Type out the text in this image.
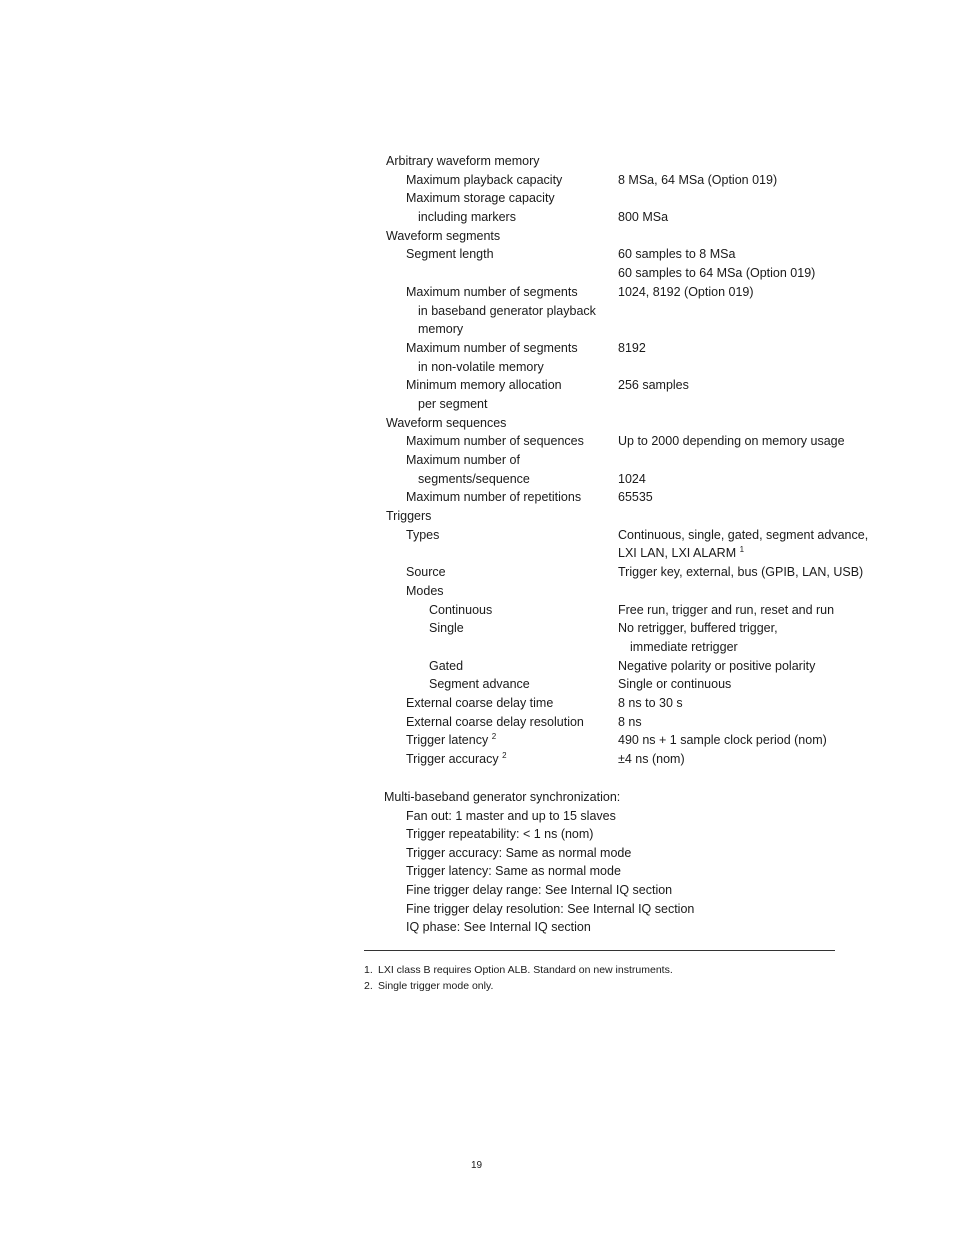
Arbitrary waveform memory
Maximum playback capacity	8 MSa, 64 MSa (Option 019)
Maximum storage capacity
including markers	800 MSa
Waveform segments
Segment length	60 samples to 8 MSa
60 samples to 64 MSa (Option 019)
Maximum number of segments	1024, 8192 (Option 019)
in baseband generator playback
memory
Maximum number of segments	8192
in non-volatile memory
Minimum memory allocation	256 samples
per segment
Waveform sequences
Maximum number of sequences	Up to 2000 depending on memory usage
Maximum number of
segments/sequence	1024
Maximum number of repetitions	65535
Triggers
Types	Continuous, single, gated, segment advance,
LXI LAN, LXI ALARM $^1$
Source	Trigger key, external, bus (GPIB, LAN, USB)
Modes
Continuous	Free run, trigger and run, reset and run
Single	No retrigger, buffered trigger,
immediate retrigger
Gated	Negative polarity or positive polarity
Segment advance	Single or continuous
External coarse delay time	8 ns to 30 s
External coarse delay resolution	8 ns
Trigger latency $^2$	490 ns + 1 sample clock period (nom)
Trigger accuracy $^2$	±4 ns (nom)
Multi-baseband generator synchronization:
Fan out: 1 master and up to 15 slaves
Trigger repeatability: < 1 ns (nom)
Trigger accuracy: Same as normal mode
Trigger latency: Same as normal mode
Fine trigger delay range: See Internal IQ section
Fine trigger delay resolution: See Internal IQ section
IQ phase: See Internal IQ section
1. LXI class B requires Option ALB. Standard on new instruments.
2. Single trigger mode only.
19
